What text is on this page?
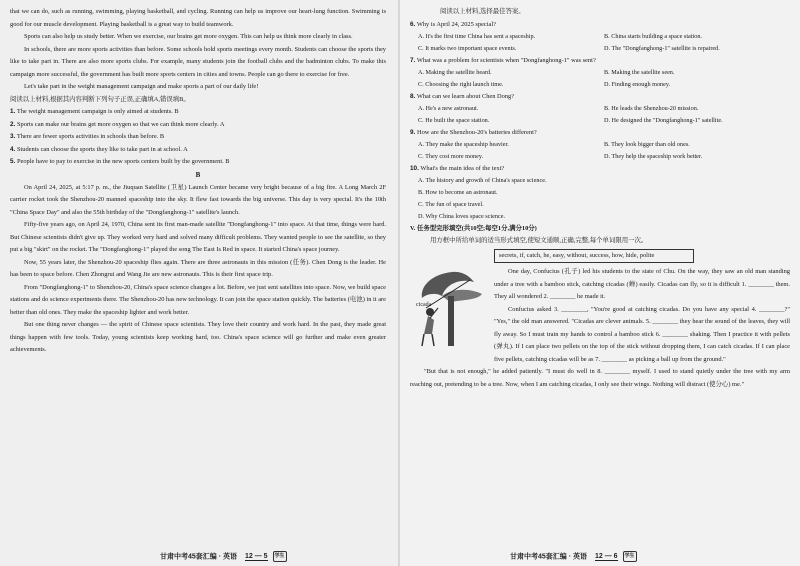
that we can do, such as running, swimming, playing basketball, and cycling. Running can help us improve our heart-lung function. Swimming is good for our muscle development. Playing basketball is a great way to build teamwork.

Sports can also help us study better. When we exercise, our brains get more oxygen. This can help us think more clearly in class.

In schools, there are more sports activities than before. Some schools hold sports meetings every month. Students can choose the sports they like to take part in. There are also more sports clubs. For example, many students join the football clubs and the badminton clubs. To make this campaign more successful, the government has built more sports centers in cities and towns. People can go there to exercise for free.

Let's take part in the weight management campaign and make sports a part of our daily life!

阅读以上材料,根据其内容判断下列句子正误,正确填A,错误填B。

1. The weight management campaign is only aimed at students. B

2. Sports can make our brains get more oxygen so that we can think more clearly. A

3. There are fewer sports activities in schools than before. B

4. Students can choose the sports they like to take part in at school. A

5. People have to pay to exercise in the new sports centers built by the government. B

B

On April 24, 2025, at 5:17 p. m., the Jiuquan Satellite (卫星) Launch Center became very bright because of a big fire. A Long March 2F carrier rocket took the Shenzhou-20 manned spaceship into the sky. It flew fast towards the big universe. This day is very special. It's the 10th "China Space Day" and also the 55th birthday of the "Dongfanghong-1" satellite's launch.

Fifty-five years ago, on April 24, 1970, China sent its first man-made satellite "Dongfanghong-1" into space. At that time, things were hard. But Chinese scientists didn't give up. They worked very hard and solved many difficult problems. They wanted people to see the satellite, so they put a big "skirt" on the rocket. The "Dongfanghong-1" played the song The East Is Red in space. It started China's space journey.

Now, 55 years later, the Shenzhou-20 spaceship flies again. There are three astronauts in this mission (任务). Chen Dong is the leader. He has been to space before. Chen Zhongrui and Wang Jie are new astronauts. This is their first space trip.

From "Dongfanghong-1" to Shenzhou-20, China's space science changes a lot. Before, we just sent satellites into space. Now, we build space stations and do science experiments there. The Shenzhou-20 has new technology. It can join the space station quickly. The batteries (电池) in it are better than old ones. They make the spaceship lighter and work better.

But one thing never changes — the spirit of Chinese space scientists. They love their country and work hard. In the past, they made great things happen with few tools. Today, young scientists keep working hard, too. China's space science will go further and make even greater achievements.

甘肃中考45套汇编 · 英语 12 — 5 学生

阅读以上材料,选择最佳答案。

6. Why is April 24, 2025 special?

A. It's the first time China has sent a spaceship.	B. China starts building a space station.
C. It marks two important space events.	D. The "Dongfanghong-1" satellite is repaired.

7. What was a problem for scientists when "Dongfanghong-1" was sent?

A. Making the satellite heard.	B. Making the satellite seen.
C. Choosing the right launch time.	D. Finding enough money.

8. What can we learn about Chen Dong?

A. He's a new astronaut.	B. He leads the Shenzhou-20 mission.
C. He built the space station.	D. He designed the "Dongfanghong-1" satellite.

9. How are the Shenzhou-20's batteries different?

A. They make the spaceship heavier.	B. They look bigger than old ones.
C. They cost more money.	D. They help the spaceship work better.

10. What's the main idea of the text?

A. The history and growth of China's space science.

B. How to become an astronaut.

C. The fun of space travel.

D. Why China loves space science.

V. 任务型完形填空(共10空;每空1分,满分10分)

用方框中所给单词的适当形式填空,使短文通顺,正确,完整,每个单词限用一次。

secrets, if, catch, he, easy, without, success, how, hide, polite
cicada

One day, Confucius (孔子) led his students to the state of Chu. On the way, they saw an old man standing under a tree with a bamboo stick, catching cicadas (蝉) easily. Cicadas can fly, so it is difficult 1. ________ them. They all wondered 2. ________ he made it.

Confucius asked 3. ________, "You're good at catching cicadas. Do you have any special 4. ________?" "Yes," the old man answered. "Cicadas are clever animals. 5. ________ they hear the sound of the leaves, they will fly away. So I must train my hands to control a bamboo stick 6. ________ shaking. Then I practice it with pellets (弹丸). If I can place two pellets on the top of the stick without dropping them, I can catch cicadas. If I can place five pellets, catching cicadas will be as 7. ________ as picking a ball up from the ground."

"But that is not enough," he added patiently. "I must do well in 8. ________ myself. I used to stand quietly under the tree with my arm reaching out, pretending to be a tree. Now, when I am catching cicadas, I only see their wings. Nothing will distract (使分心) me."

甘肃中考45套汇编 · 英语 12 — 6 学生
